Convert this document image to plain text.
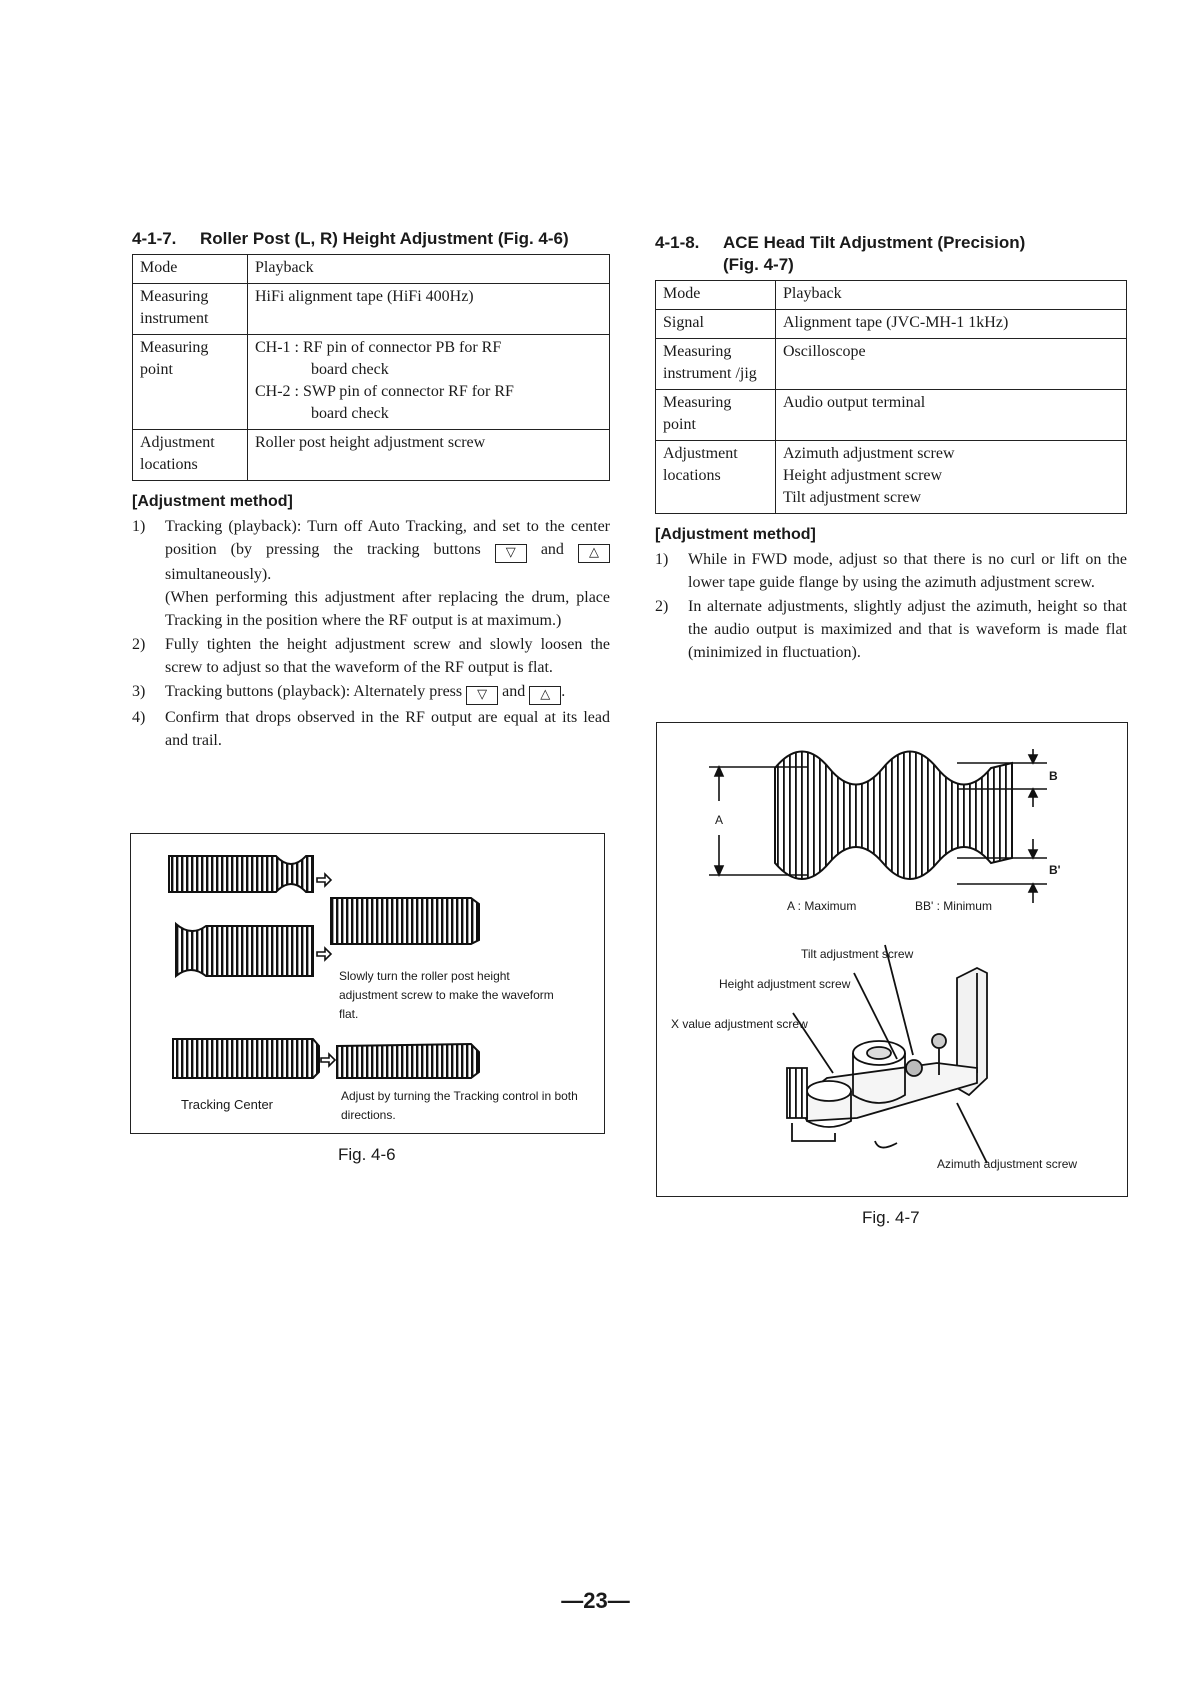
4-1-7. Roller Post (L, R) Height Adjustment (Fig. 4-6)
Mode	Playback
Measuring instrument	HiFi alignment tape (HiFi 400Hz)
Measuring point	CH-1 : RF pin of connector PB for RF
board check
CH-2 : SWP pin of connector RF for RF
board check

Adjustment locations	Roller post height adjustment screw
[Adjustment method]
1) Tracking (playback): Turn off Auto Tracking, and set to the center position (by pressing the tracking buttons ▽ and △ simultaneously).
(When performing this adjustment after replacing the drum, place Tracking in the position where the RF output is at maximum.)
2) Fully tighten the height adjustment screw and slowly loosen the screw to adjust so that the waveform of the RF output is flat.
3) Tracking buttons (playback): Alternately press ▽ and △ .
4) Confirm that drops observed in the RF output are equal at its lead and trail.
Slowly turn the roller post height adjustment screw to make the waveform flat.
Tracking Center
Adjust by turning the Tracking control in both directions.
Fig. 4-6
4-1-8. ACE Head Tilt Adjustment (Precision)
(Fig. 4-7)
Mode	Playback
Signal	Alignment tape (JVC-MH-1 1kHz)
Measuring instrument /jig	Oscilloscope
Measuring point	Audio output terminal
Adjustment locations	Azimuth adjustment screw
Height adjustment screw
Tilt adjustment screw
[Adjustment method]
1) While in FWD mode, adjust so that there is no curl or lift on the lower tape guide flange by using the azimuth adjustment screw.
2) In alternate adjustments, slightly adjust the azimuth, height so that the audio output is maximized and that is waveform is made flat (minimized in fluctuation).
A
B
B'
A : Maximum	BB' : Minimum
Tilt adjustment screw
Height adjustment screw
X value adjustment screw
Azimuth adjustment screw
Fig. 4-7
—23—
